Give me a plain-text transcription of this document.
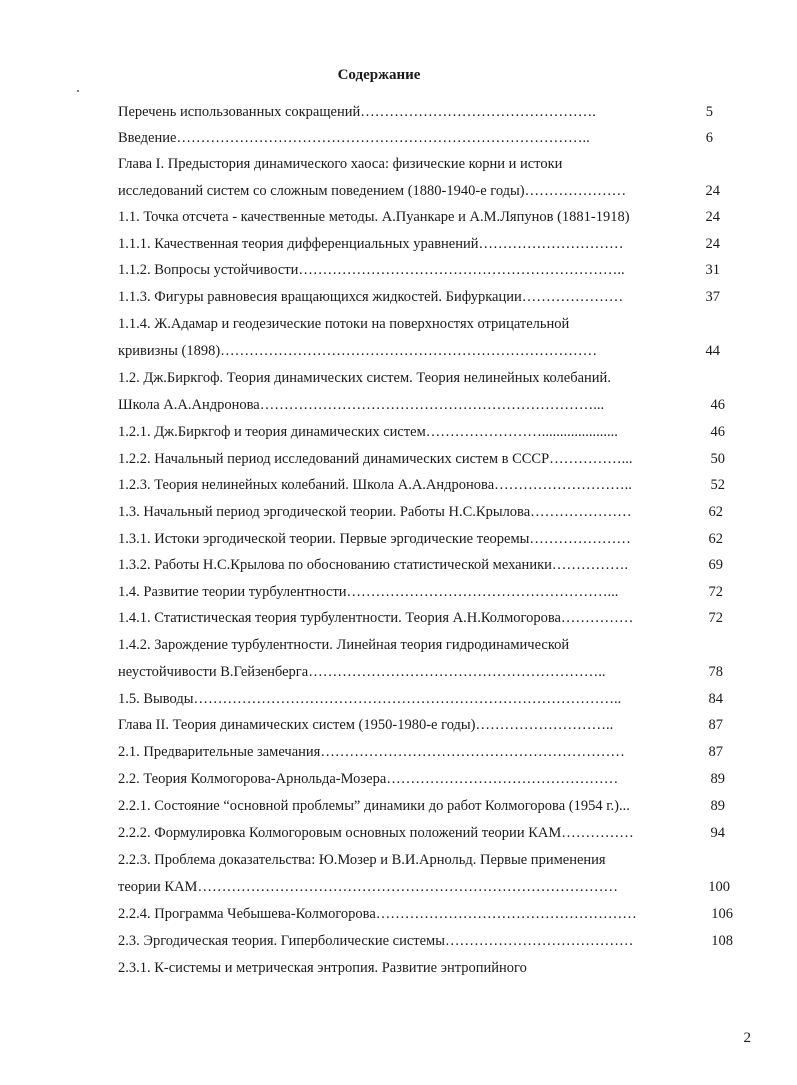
Содержание
Перечень использованных сокращений………………………………………….	5
Введение…………………………………………………………………………..	6
Глава I. Предыстория динамического хаоса: физические корни и истоки
исследований систем со сложным поведением (1880-1940-е годы)…………………	24
1.1. Точка отсчета - качественные методы. А.Пуанкаре и А.М.Ляпунов (1881-1918)	24
1.1.1. Качественная теория дифференциальных уравнений…………………………	24
1.1.2. Вопросы устойчивости…………………………………………………………..	31
1.1.3. Фигуры равновесия вращающихся жидкостей. Бифуркации…………………	37
1.1.4. Ж.Адамар и геодезические потоки на поверхностях отрицательной
кривизны (1898)……………………………………………………………………	44
1.2. Дж.Биркгоф. Теория динамических систем. Теория нелинейных колебаний.
Школа А.А.Андронова……………………………………………………………...	46
1.2.1. Дж.Биркгоф и теория динамических систем…………………….....................	46
1.2.2. Начальный период исследований динамических систем в СССР……………...	50
1.2.3. Теория нелинейных колебаний. Школа А.А.Андронова………………………..	52
1.3. Начальный период эргодической теории. Работы Н.С.Крылова…………………	62
1.3.1. Истоки эргодической теории. Первые эргодические теоремы…………………	62
1.3.2. Работы Н.С.Крылова по обоснованию статистической механики…………….	69
1.4. Развитие теории турбулентности………………………………………………...	72
1.4.1. Статистическая теория турбулентности. Теория А.Н.Колмогорова……………	72
1.4.2. Зарождение турбулентности. Линейная теория гидродинамической
неустойчивости В.Гейзенберга……………………………………………………..	78
1.5. Выводы……………………………………………………………………………..	84
Глава II. Теория динамических систем (1950-1980-е годы)………………………..	87
2.1. Предварительные замечания………………………………………………………	87
2.2. Теория Колмогорова-Арнольда-Мозера…………………………………………	89
2.2.1. Состояние “основной проблемы” динамики до работ Колмогорова (1954 г.)...	89
2.2.2. Формулировка Колмогоровым основных положений теории КАМ……………	94
2.2.3. Проблема доказательства: Ю.Мозер и В.И.Арнольд. Первые применения
теории КАМ……………………………………………………………………………	100
2.2.4. Программа Чебышева-Колмогорова………………………………………………	106
2.3. Эргодическая теория. Гиперболические системы…………………………………	108
2.3.1. К-системы и метрическая энтропия. Развитие энтропийного
2
